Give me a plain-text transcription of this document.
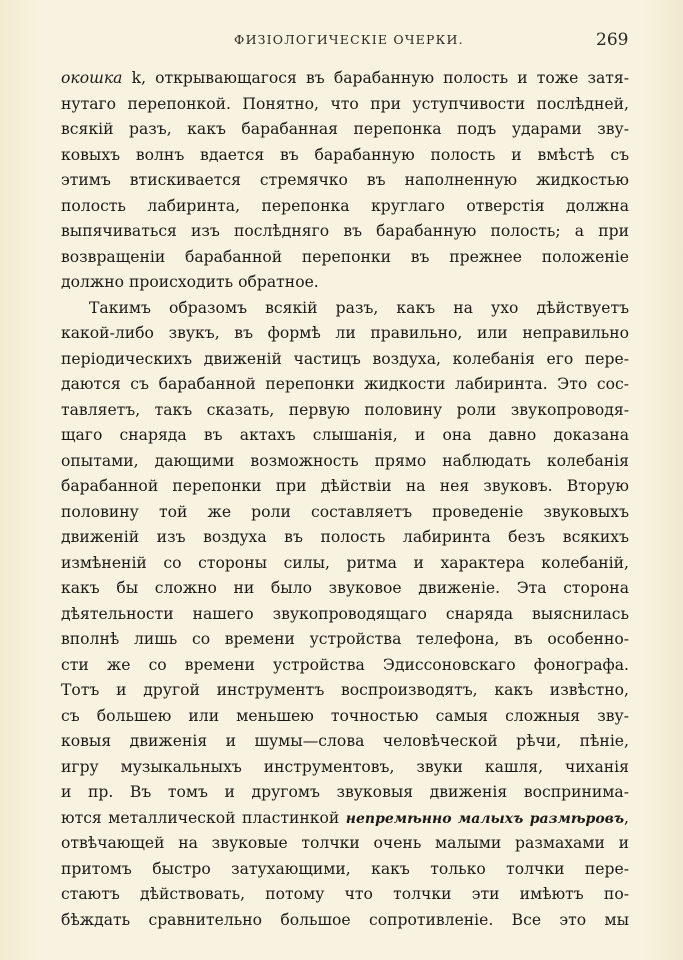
ФИЗІОЛОГИЧЕСКІЕ ОЧЕРКИ.	269
окошка k, открывающагося въ барабанную полость и тоже затя-
нутаго перепонкой. Понятно, что при уступчивости послѣдней,
всякій разъ, какъ барабанная перепонка подъ ударами зву-
ковыхъ волнъ вдается въ барабанную полость и вмѣстѣ съ
этимъ втискивается стремячко въ наполненную жидкостью
полость лабиринта, перепонка круглаго отверстія должна
выпячиваться изъ послѣдняго въ барабанную полость; а при
возвращеніи барабанной перепонки въ прежнее положеніе
должно происходить обратное.
Такимъ образомъ всякій разъ, какъ на ухо дѣйствуетъ
какой-либо звукъ, въ формѣ ли правильно, или неправильно
періодическихъ движеній частицъ воздуха, колебанія его пере-
даются съ барабанной перепонки жидкости лабиринта. Это сос-
тавляетъ, такъ сказать, первую половину роли звукопроводя-
щаго снаряда въ актахъ слышанія, и она давно доказана
опытами, дающими возможность прямо наблюдать колебанія
барабанной перепонки при дѣйствіи на нея звуковъ. Вторую
половину той же роли составляетъ проведеніе звуковыхъ
движеній изъ воздуха въ полость лабиринта безъ всякихъ
измѣненій со стороны силы, ритма и характера колебаній,
какъ бы сложно ни было звуковое движеніе. Эта сторона
дѣятельности нашего звукопроводящаго снаряда выяснилась
вполнѣ лишь со времени устройства телефона, въ особенно-
сти же со времени устройства Эдиссоновскаго фонографа.
Тотъ и другой инструментъ воспроизводятъ, какъ извѣстно,
съ большею или меньшею точностью самыя сложныя зву-
ковыя движенія и шумы—слова человѣческой рѣчи, пѣніе,
игру музыкальныхъ инструментовъ, звуки кашля, чиханія
и пр. Въ томъ и другомъ звуковыя движенія воспринима-
ются металлической пластинкой непремѣнно малыхъ размѣровъ,
отвѣчающей на звуковые толчки очень малыми размахами и
притомъ быстро затухающими, какъ только толчки пере-
стаютъ дѣйствовать, потому что толчки эти имѣютъ по-
бѣждать сравнительно большое сопротивленіе. Все это мы
